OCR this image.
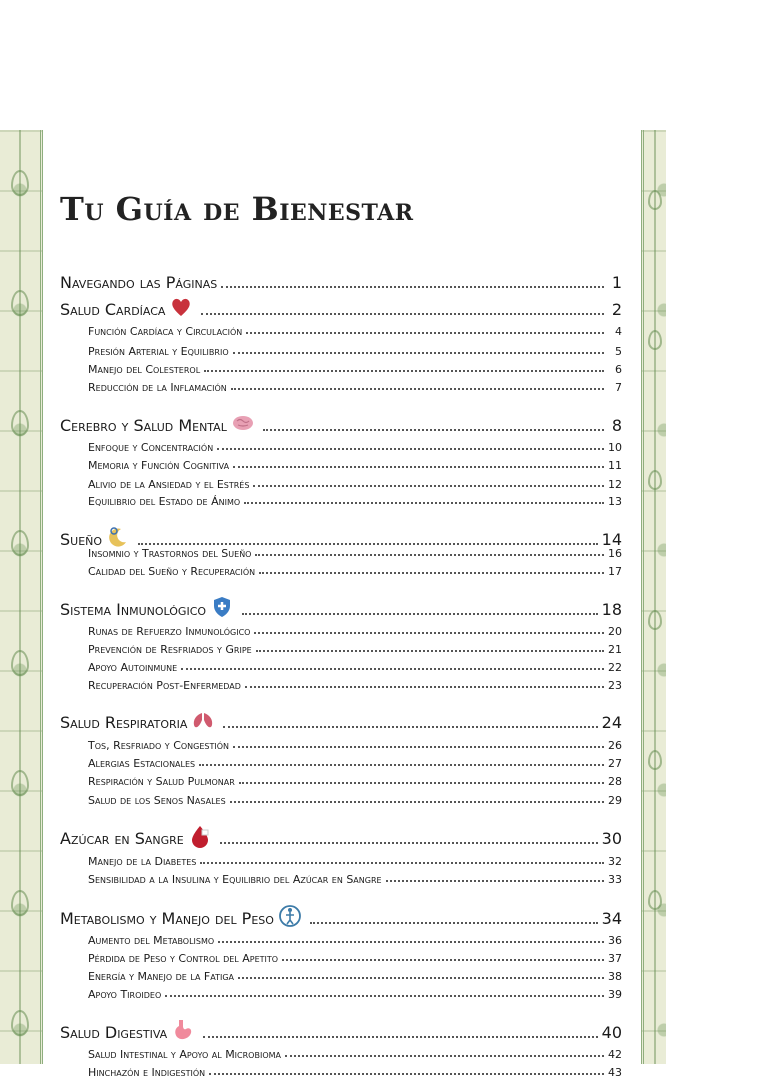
Tu Guía de Bienestar
Navegando las Páginas	1
Salud Cardíaca	2
Función Cardíaca y Circulación	4
Presión Arterial y Equilibrio	5
Manejo del Colesterol	6
Reducción de la Inflamación	7
Cerebro y Salud Mental	8
Enfoque y Concentración	10
Memoria y Función Cognitiva	11
Alivio de la Ansiedad y el Estrés	12
Equilibrio del Estado de Ánimo	13
Sueño	14
Insomnio y Trastornos del Sueño	16
Calidad del Sueño y Recuperación	17
Sistema Inmunológico	18
Runas de Refuerzo Inmunológico	20
Prevención de Resfriados y Gripe	21
Apoyo Autoinmune	22
Recuperación Post-Enfermedad	23
Salud Respiratoria	24
Tos, Resfriado y Congestión	26
Alergias Estacionales	27
Respiración y Salud Pulmonar	28
Salud de los Senos Nasales	29
Azúcar en Sangre	30
Manejo de la Diabetes	32
Sensibilidad a la Insulina y Equilibrio del Azúcar en Sangre	33
Metabolismo y Manejo del Peso	34
Aumento del Metabolismo	36
Pérdida de Peso y Control del Apetito	37
Energía y Manejo de la Fatiga	38
Apoyo Tiroideo	39
Salud Digestiva	40
Salud Intestinal y Apoyo al Microbioma	42
Hinchazón e Indigestión	43
